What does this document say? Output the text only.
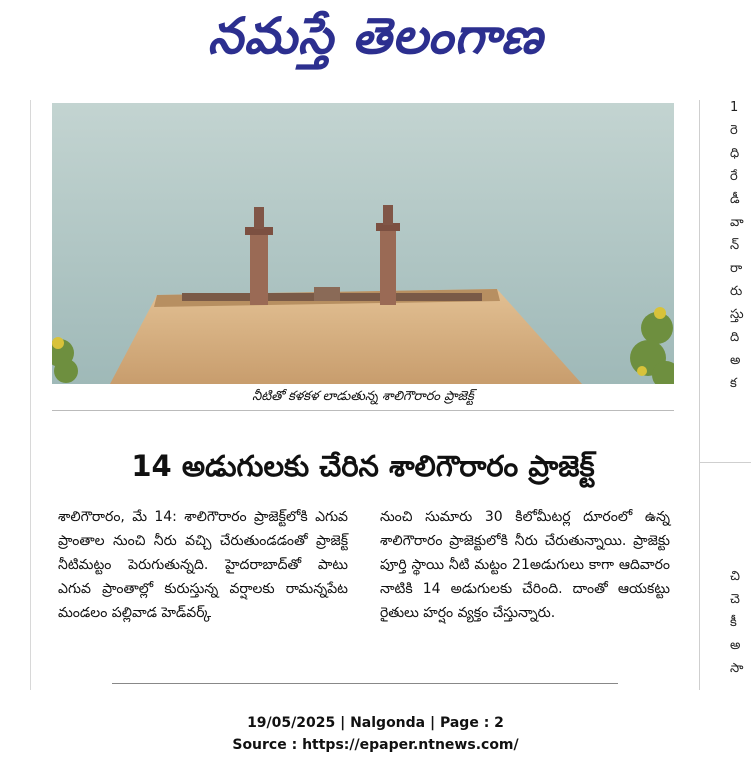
నమస్తే తెలంగాణ
నీటితో కళకళ లాడుతున్న శాలిగౌరారం ప్రాజెక్ట్
14 అడుగులకు చేరిన శాలిగౌరారం ప్రాజెక్ట్
శాలిగౌరారం, మే 14: శాలిగౌరారం ప్రాజెక్ట్‌లోకి ఎగువ ప్రాంతాల నుంచి నీరు వచ్చి చేరుతుండడంతో ప్రాజెక్ట్ నీటిమట్టం పెరుగుతున్నది. హైదరాబాద్‌తో పాటు ఎగువ ప్రాంతాల్లో కురుస్తున్న వర్షాలకు రామన్నపేట మండలం పల్లివాడ హెడ్‌వర్క్
నుంచి సుమారు 30 కిలోమీటర్ల దూరంలో ఉన్న శాలిగౌరారం ప్రాజెక్టులోకి నీరు చేరుతున్నాయి. ప్రాజెక్టు పూర్తి స్థాయి నీటి మట్టం 21అడుగులు కాగా ఆదివారం నాటికి 14 అడుగులకు చేరింది. దాంతో ఆయకట్టు రైతులు హర్షం వ్యక్తం చేస్తున్నారు.
1
రె
ధి
రే
డీ
వా
న్
రా
రు
స్తు
ది
అ
క
చి
చె
కీ
అ
సా
19/05/2025 | Nalgonda | Page : 2
Source : https://epaper.ntnews.com/
